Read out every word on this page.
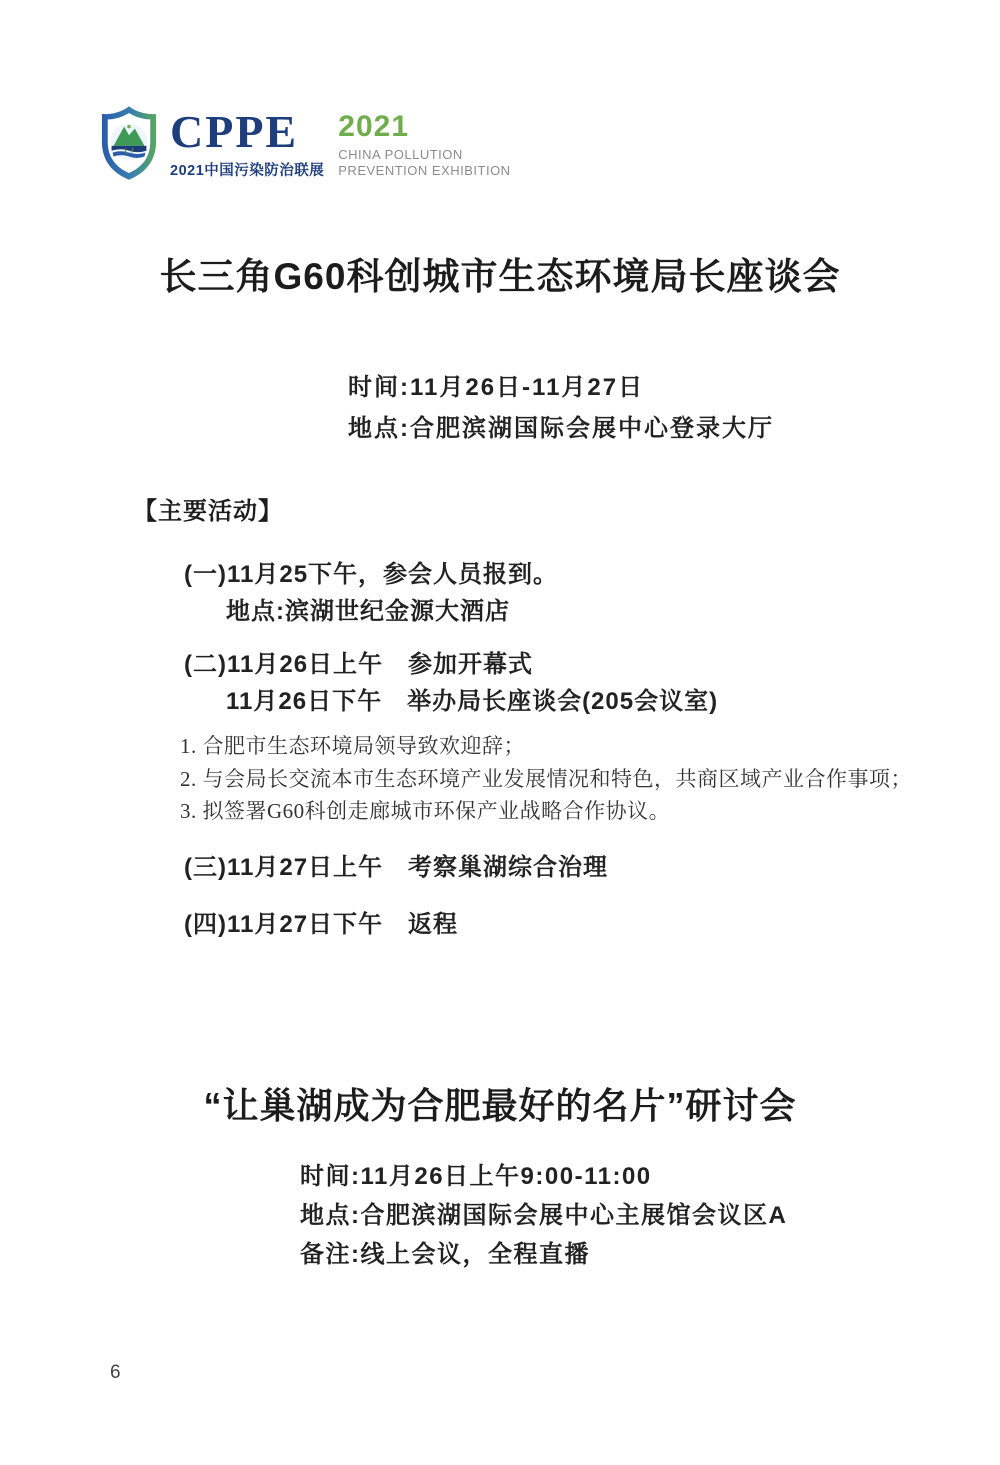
CPPE
2021中国污染防治联展
2021
CHINA POLLUTION
PREVENTION EXHIBITION
长三角G60科创城市生态环境局长座谈会
时间:11月26日-11月27日
地点:合肥滨湖国际会展中心登录大厅
【主要活动】
(一)11月25下午，参会人员报到。
地点:滨湖世纪金源大酒店
(二)11月26日上午　参加开幕式
11月26日下午　举办局长座谈会(205会议室)
1. 合肥市生态环境局领导致欢迎辞；
2. 与会局长交流本市生态环境产业发展情况和特色，共商区域产业合作事项；
3. 拟签署G60科创走廊城市环保产业战略合作协议。
(三)11月27日上午　考察巢湖综合治理
(四)11月27日下午　返程
“让巢湖成为合肥最好的名片”研讨会
时间:11月26日上午9:00-11:00
地点:合肥滨湖国际会展中心主展馆会议区A
备注:线上会议，全程直播
6
